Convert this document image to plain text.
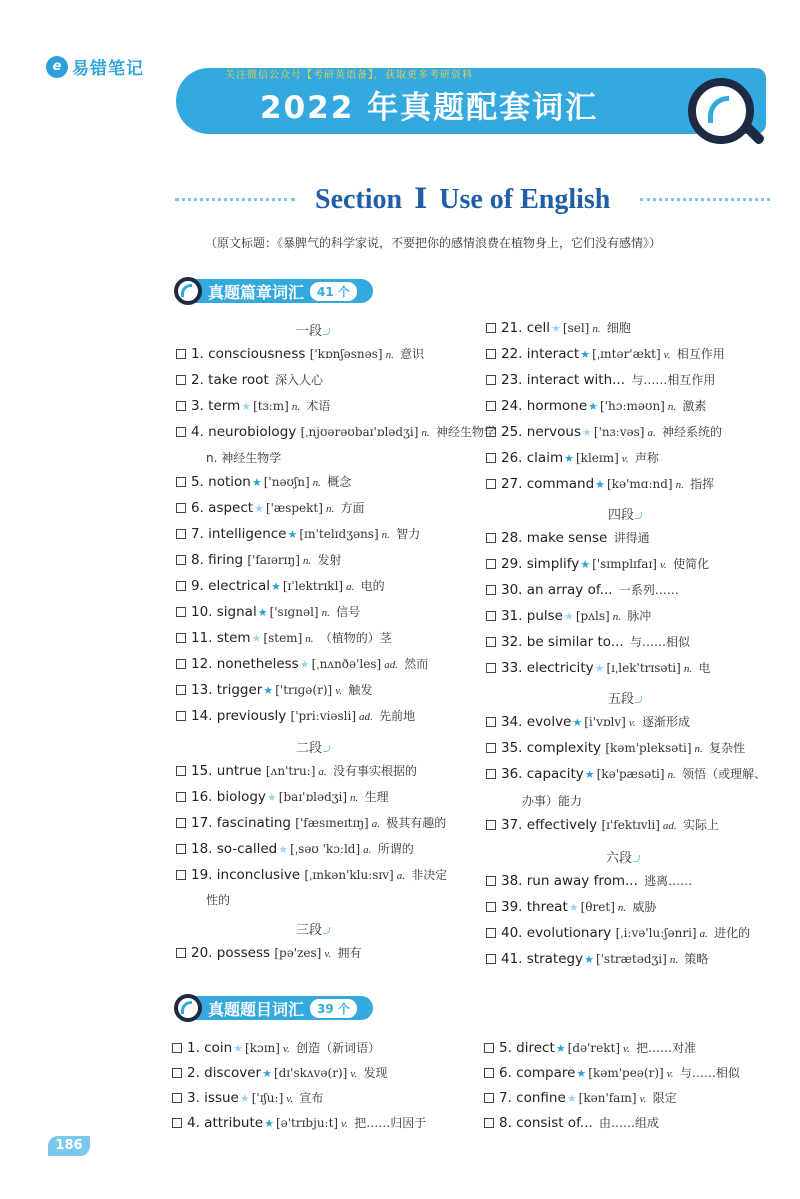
e 易错笔记	关注微信公众号【考研英语备】，获取更多考研资料
2022 年真题配套词汇
Section Ⅰ Use of English
（原文标题：《暴脾气的科学家说，不要把你的感情浪费在植物身上，它们没有感情》）
真题篇章词汇	41 个
真题题目词汇	39 个
1. consciousness ['kɒnʃəsnəs] n. 意识
2. take root 深入人心
3. term★ [tɜːm] n. 术语
4. neurobiology [ˌnjʊərəʊbaɪ'ɒlədʒi] n. 神经生物学
5. notion★ ['nəʊʃn] n. 概念
6. aspect★ ['æspekt] n. 方面
7. intelligence★ [ɪn'telɪdʒəns] n. 智力
8. firing ['faɪərɪŋ] n. 发射
9. electrical★ [ɪ'lektrɪkl] a. 电的
10. signal★ ['sɪɡnəl] n. 信号
11. stem★ [stem] n. （植物的）茎
12. nonetheless★ [ˌnʌnðə'les] ad. 然而
13. trigger★ ['trɪɡə(r)] v. 触发
14. previously ['priːviəsli] ad. 先前地
15. untrue [ʌn'truː] a. 没有事实根据的
16. biology★ [baɪ'ɒlədʒi] n. 生理
17. fascinating ['fæsɪneɪtɪŋ] a. 极其有趣的
18. so-called★ [ˌsəʊ 'kɔːld] a. 所谓的
19. inconclusive [ˌɪnkən'kluːsɪv] a. 非决定
20. possess [pə'zes] v. 拥有
n. 神经生物学
性的
21. cell★ [sel] n. 细胞
22. interact★ [ˌɪntər'ækt] v. 相互作用
23. interact with... 与……相互作用
24. hormone★ ['hɔːməʊn] n. 激素
25. nervous★ ['nɜːvəs] a. 神经系统的
26. claim★ [kleɪm] v. 声称
27. command★ [kə'mɑːnd] n. 指挥
28. make sense 讲得通
29. simplify★ ['sɪmplɪfaɪ] v. 使简化
30. an array of... 一系列……
31. pulse★ [pʌls] n. 脉冲
32. be similar to... 与……相似
33. electricity★ [ɪˌlek'trɪsəti] n. 电
34. evolve★ [i'vɒlv] v. 逐渐形成
35. complexity [kəm'pleksəti] n. 复杂性
36. capacity★ [kə'pæsəti] n. 领悟（或理解、
37. effectively [ɪ'fektɪvli] ad. 实际上
38. run away from... 逃离……
39. threat★ [θret] n. 威胁
40. evolutionary [ˌiːvə'luːʃənri] a. 进化的
41. strategy★ ['strætədʒi] n. 策略
办事）能力
一段
二段
三段
四段
五段
六段
1. coin★ [kɔɪn] v. 创造（新词语）
2. discover★ [dɪ'skʌvə(r)] v. 发现
3. issue★ ['ɪʃuː] v. 宣布
4. attribute★ [ə'trɪbjuːt] v. 把……归因于
5. direct★ [də'rekt] v. 把……对准
6. compare★ [kəm'peə(r)] v. 与……相似
7. confine★ [kən'faɪn] v. 限定
8. consist of... 由……组成
186
